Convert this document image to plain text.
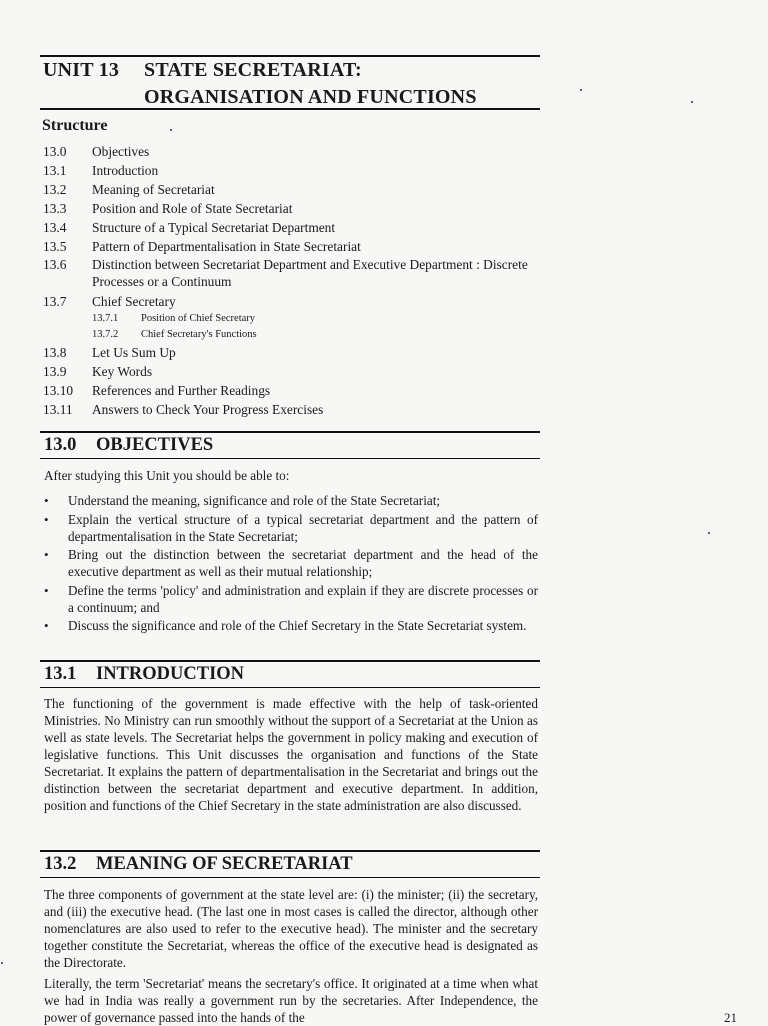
UNIT 13 STATE SECRETARIAT:
ORGANISATION AND FUNCTIONS
Structure
13.0	Objectives
13.1	Introduction
13.2	Meaning of Secretariat
13.3	Position and Role of State Secretariat
13.4	Structure of a Typical Secretariat Department
13.5	Pattern of Departmentalisation in State Secretariat
13.6	Distinction between Secretariat Department and Executive Department : Discrete Processes or a Continuum
13.7	Chief Secretary
13.7.1	Position of Chief Secretary
13.7.2	Chief Secretary's Functions
13.8	Let Us Sum Up
13.9	Key Words
13.10	References and Further Readings
13.11	Answers to Check Your Progress Exercises
13.0 OBJECTIVES

After studying this Unit you should be able to:

• Understand the meaning, significance and role of the State Secretariat;
• Explain the vertical structure of a typical secretariat department and the pattern of departmentalisation in the State Secretariat;
• Bring out the distinction between the secretariat department and the head of the executive department as well as their mutual relationship;
• Define the terms 'policy' and administration and explain if they are discrete processes or a continuum; and
• Discuss the significance and role of the Chief Secretary in the State Secretariat system.
13.1 INTRODUCTION

The functioning of the government is made effective with the help of task-oriented Ministries. No Ministry can run smoothly without the support of a Secretariat at the Union as well as state levels. The Secretariat helps the government in policy making and execution of legislative functions. This Unit discusses the organisation and functions of the State Secretariat. It explains the pattern of departmentalisation in the Secretariat and brings out the distinction between the secretariat department and executive department. In addition, position and functions of the Chief Secretary in the state administration are also discussed.

13.2 MEANING OF SECRETARIAT

The three components of government at the state level are: (i) the minister; (ii) the secretary, and (iii) the executive head. (The last one in most cases is called the director, although other nomenclatures are also used to refer to the executive head). The minister and the secretary together constitute the Secretariat, whereas the office of the executive head is designated as the Directorate.

Literally, the term 'Secretariat' means the secretary's office. It originated at a time when what we had in India was really a government run by the secretaries. After Independence, the power of governance passed into the hands of the	21
